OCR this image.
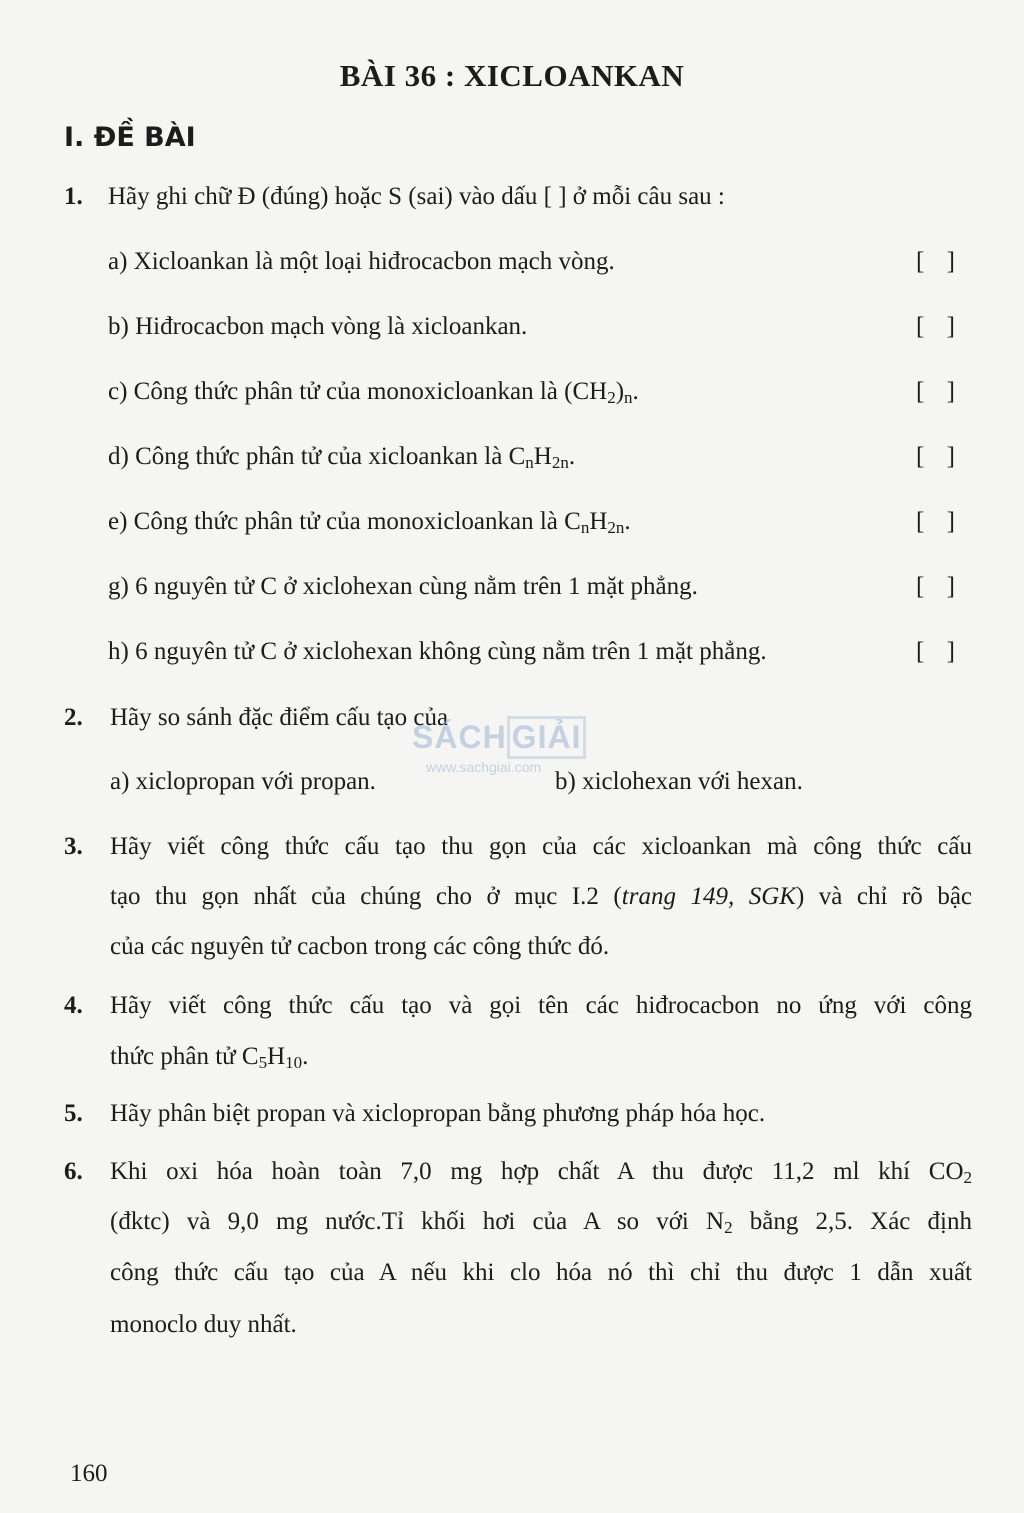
BÀI 36 : XICLOANKAN
I. ĐỀ BÀI
1. Hãy ghi chữ Đ (đúng) hoặc S (sai) vào dấu [ ] ở mỗi câu sau :
a) Xicloankan là một loại hiđrocacbon mạch vòng.	[ ]
b) Hiđrocacbon mạch vòng là xicloankan.	[ ]
c) Công thức phân tử của monoxicloankan là $(CH_2)_n$.	[ ]
d) Công thức phân tử của xicloankan là $C_nH_{2n}$.	[ ]
e) Công thức phân tử của monoxicloankan là $C_nH_{2n}$.	[ ]
g) 6 nguyên tử C ở xiclohexan cùng nằm trên 1 mặt phẳng.	[ ]
h) 6 nguyên tử C ở xiclohexan không cùng nằm trên 1 mặt phẳng.	[ ]
2. Hãy so sánh đặc điểm cấu tạo của
a) xiclopropan với propan.	b) xiclohexan với hexan.
SÁCH GIẢI
www.sachgiai.com
3. Hãy viết công thức cấu tạo thu gọn của các xicloankan mà công thức cấu
tạo thu gọn nhất của chúng cho ở mục I.2 (trang 149, SGK) và chỉ rõ bậc
của các nguyên tử cacbon trong các công thức đó.
4. Hãy viết công thức cấu tạo và gọi tên các hiđrocacbon no ứng với công
thức phân tử $C_5H_{10}$.
5. Hãy phân biệt propan và xiclopropan bằng phương pháp hóa học.
6. Khi oxi hóa hoàn toàn 7,0 mg hợp chất A thu được 11,2 ml khí $CO_2$
(đktc) và 9,0 mg nước.Tỉ khối hơi của A so với $N_2$ bằng 2,5. Xác định
công thức cấu tạo của A nếu khi clo hóa nó thì chỉ thu được 1 dẫn xuất
monoclo duy nhất.
160
